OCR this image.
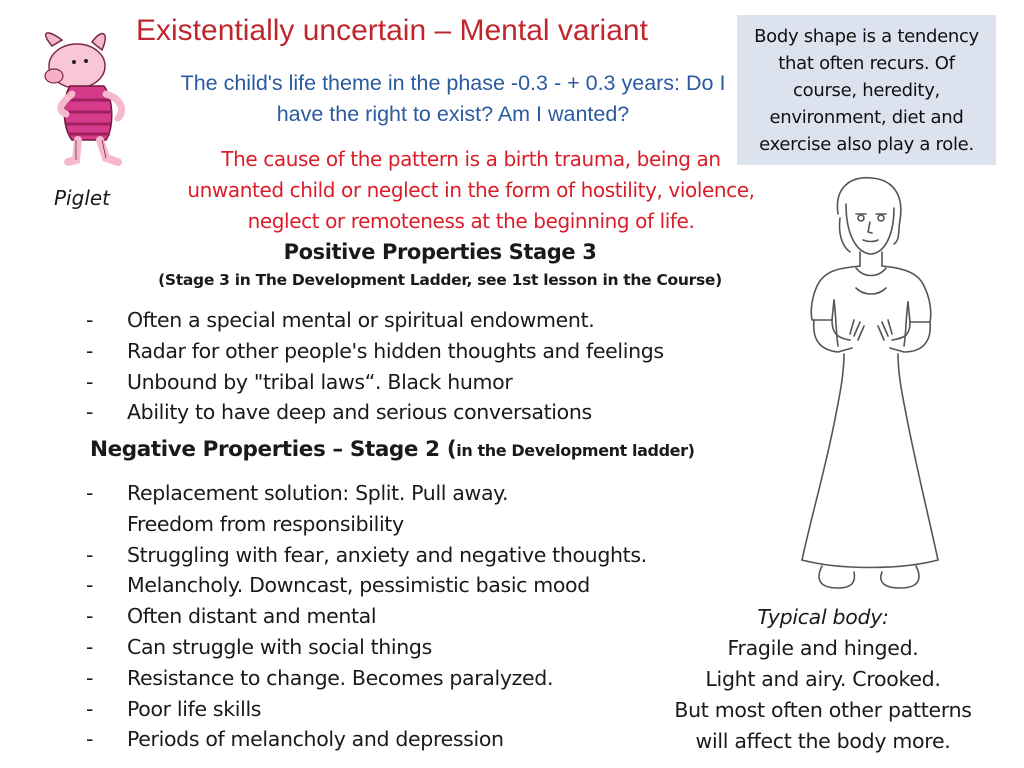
Existentially uncertain – Mental variant
The child's life theme in the phase -0.3 - + 0.3 years: Do I have the right to exist? Am I wanted?
The cause of the pattern is a birth trauma, being an unwanted child or neglect in the form of hostility, violence, neglect or remoteness at the beginning of life.
Body shape is a tendency that often recurs. Of course, heredity, environment, diet and exercise also play a role.
Piglet
Positive Properties Stage 3
(Stage 3 in The Development Ladder, see 1st lesson in the Course)
- Often a special mental or spiritual endowment.
- Radar for other people's hidden thoughts and feelings
- Unbound by "tribal laws“. Black humor
- Ability to have deep and serious conversations
Negative Properties – Stage 2 (in the Development ladder)
- Replacement solution: Split. Pull away.
Freedom from responsibility
- Struggling with fear, anxiety and negative thoughts.
- Melancholy. Downcast, pessimistic basic mood
- Often distant and mental
- Can struggle with social things
- Resistance to change. Becomes paralyzed.
- Poor life skills
- Periods of melancholy and depression
Typical body:
Fragile and hinged.
Light and airy. Crooked.
But most often other patterns
will affect the body more.
